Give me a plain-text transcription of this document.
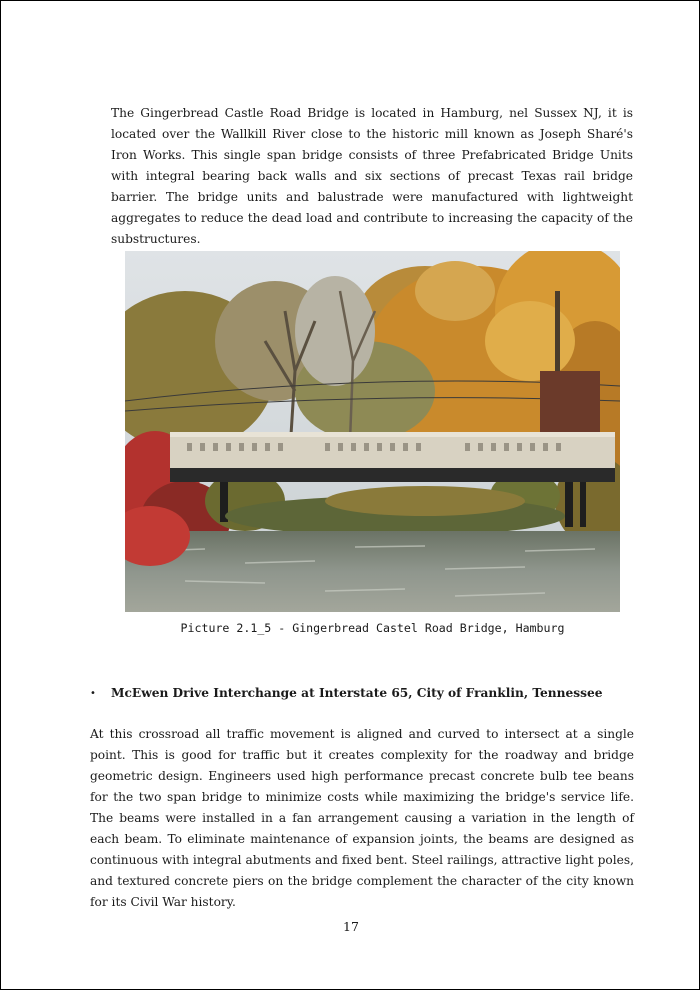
The Gingerbread Castle Road Bridge is located in Hamburg, nel Sussex NJ, it is located over the Wallkill River close to the historic mill known as Joseph Sharé's Iron Works. This single span bridge consists of three Prefabricated Bridge Units with integral bearing back walls and six sections of precast Texas rail bridge barrier. The bridge units and balustrade were manufactured with lightweight aggregates to reduce the dead load and contribute to increasing the capacity of the substructures.

Picture 2.1_5 - Gingerbread Castel Road Bridge, Hamburg
• McEwen Drive Interchange at Interstate 65, City of Franklin, Tennessee

At this crossroad all traffic movement is aligned and curved to intersect at a single point. This is good for traffic but it creates complexity for the roadway and bridge geometric design. Engineers used high performance precast concrete bulb tee beans for the two span bridge to minimize costs while maximizing the bridge's service life. The beams were installed in a fan arrangement causing a variation in the length of each beam. To eliminate maintenance of expansion joints, the beams are designed as continuous with integral abutments and fixed bent. Steel railings, attractive light poles, and textured concrete piers on the bridge complement the character of the city known for its Civil War history.

17
